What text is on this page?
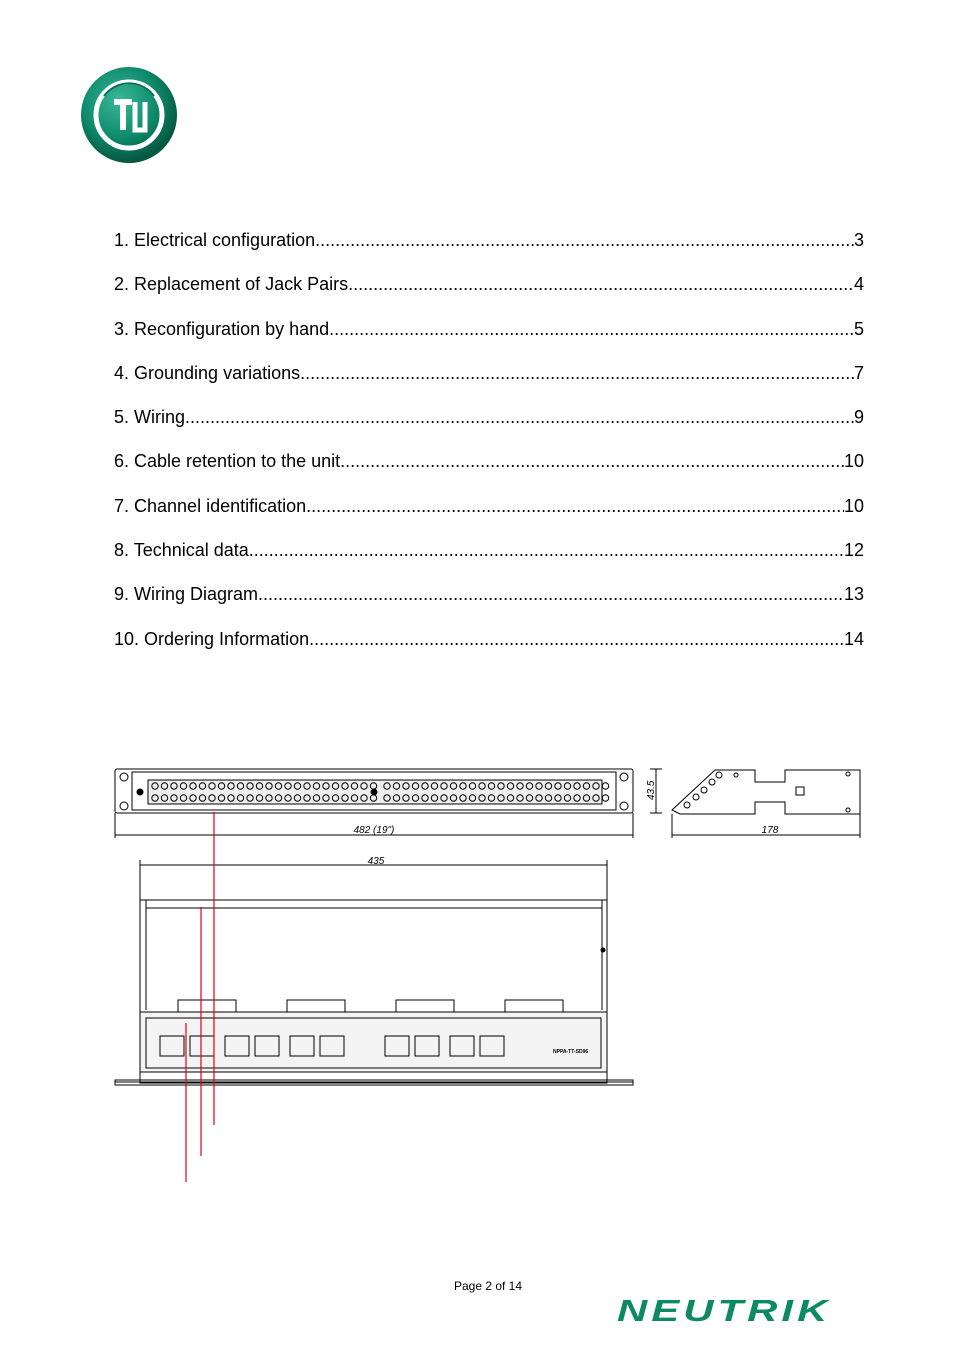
1. Electrical configuration .....	3
2. Replacement of Jack Pairs .....	4
3. Reconfiguration by hand .....	5
4. Grounding variations .....	7
5. Wiring .....	9
6. Cable retention to the unit .....	10
7. Channel identification .....	10
8. Technical data .....	12
9. Wiring Diagram .....	13
10. Ordering Information .....	14
482 (19")
43.5
178
435
NPPA-TT-SD96
Page 2 of 14
NEUTRIK
